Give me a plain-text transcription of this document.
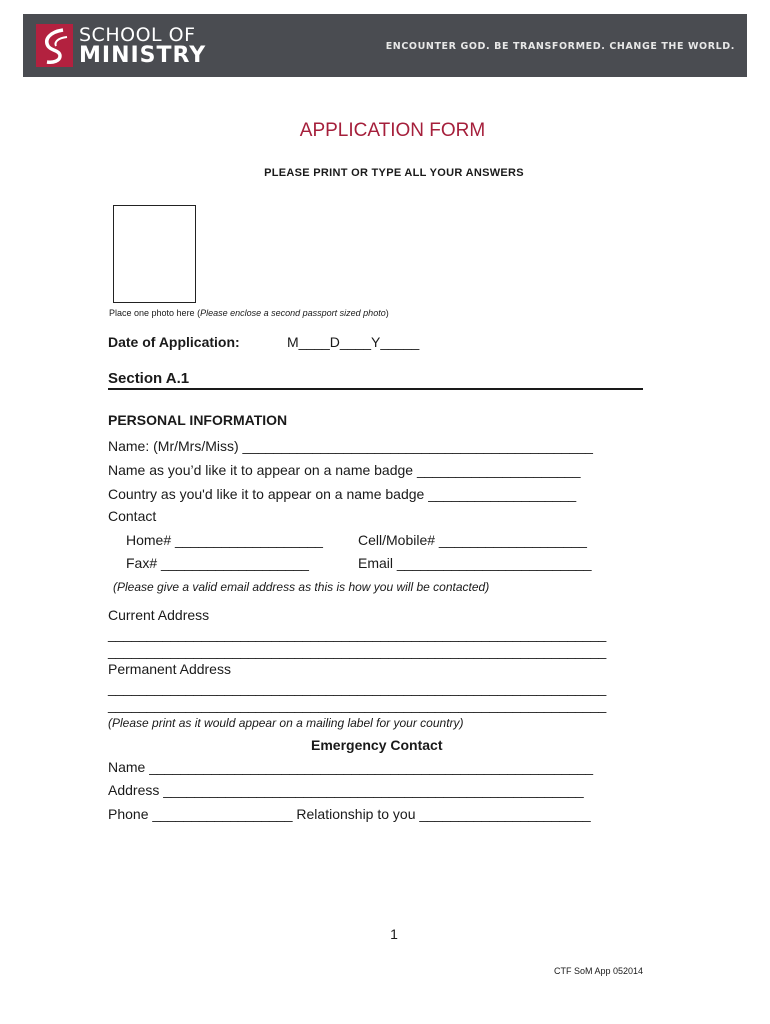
SCHOOL OF
MINISTRY	ENCOUNTER GOD. BE TRANSFORMED. CHANGE THE WORLD.
APPLICATION FORM
PLEASE PRINT OR TYPE ALL YOUR ANSWERS
Place one photo here (Please enclose a second passport sized photo)
Date of Application:	M____D____Y_____
Section A.1
PERSONAL INFORMATION
Name: (Mr/Mrs/Miss) _____________________________________________
Name as you’d like it to appear on a name badge _____________________
Country as you'd like it to appear on a name badge ___________________
Contact
Home# ___________________	Cell/Mobile# ___________________
Fax# ___________________	Email _________________________
(Please give a valid email address as this is how you will be contacted)
Current Address
________________________________________________________________
________________________________________________________________
Permanent Address
________________________________________________________________
________________________________________________________________
(Please print as it would appear on a mailing label for your country)
Emergency Contact
Name _________________________________________________________
Address ______________________________________________________
Phone __________________ Relationship to you ______________________
1
CTF SoM App 052014
